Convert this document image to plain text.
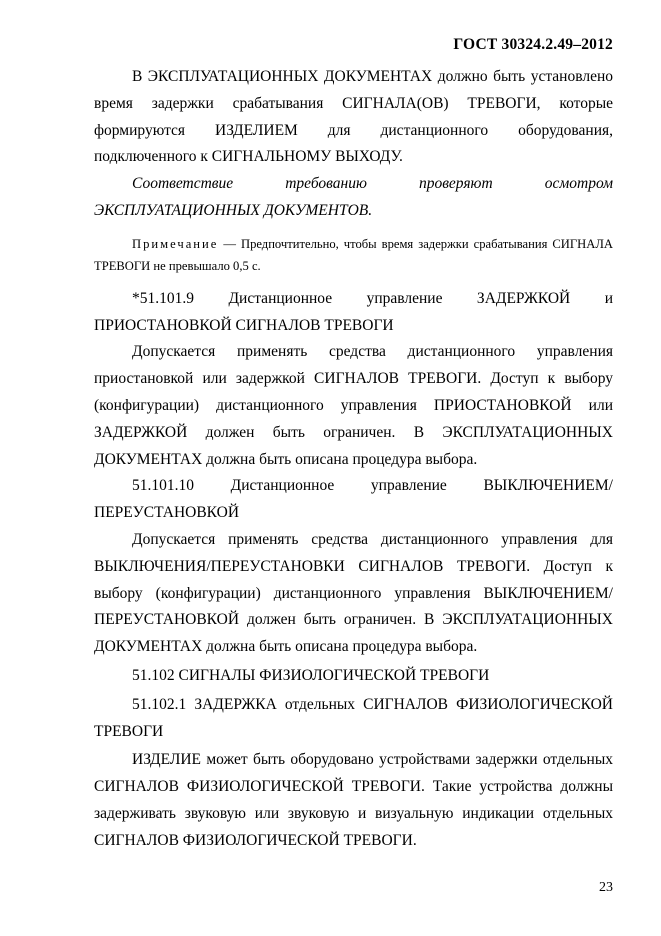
ГОСТ 30324.2.49–2012

В ЭКСПЛУАТАЦИОННЫХ ДОКУМЕНТАХ должно быть установлено время задержки срабатывания СИГНАЛА(ОВ) ТРЕВОГИ, которые формируются ИЗДЕЛИЕМ для дистанционного оборудования, подключенного к СИГНАЛЬНОМУ ВЫХОДУ.

Соответствие требованию проверяют осмотром ЭКСПЛУАТАЦИОННЫХ ДОКУМЕНТОВ.

Примечание — Предпочтительно, чтобы время задержки срабатывания СИГНАЛА ТРЕВОГИ не превышало 0,5 с.

*51.101.9 Дистанционное управление ЗАДЕРЖКОЙ и ПРИОСТАНОВКОЙ СИГНАЛОВ ТРЕВОГИ

Допускается применять средства дистанционного управления приостановкой или задержкой СИГНАЛОВ ТРЕВОГИ. Доступ к выбору (конфигурации) дистанционного управления ПРИОСТАНОВКОЙ или ЗАДЕРЖКОЙ должен быть ограничен. В ЭКСПЛУАТАЦИОННЫХ ДОКУМЕНТАХ должна быть описана процедура выбора.

51.101.10 Дистанционное управление ВЫКЛЮЧЕНИЕМ/ПЕРЕУСТАНОВКОЙ

Допускается применять средства дистанционного управления для ВЫКЛЮЧЕНИЯ/ПЕРЕУСТАНОВКИ СИГНАЛОВ ТРЕВОГИ. Доступ к выбору (конфигурации) дистанционного управления ВЫКЛЮЧЕНИЕМ/ПЕРЕУСТАНОВКОЙ должен быть ограничен. В ЭКСПЛУАТАЦИОННЫХ ДОКУМЕНТАХ должна быть описана процедура выбора.

51.102 СИГНАЛЫ ФИЗИОЛОГИЧЕСКОЙ ТРЕВОГИ

51.102.1 ЗАДЕРЖКА отдельных СИГНАЛОВ ФИЗИОЛОГИЧЕСКОЙ ТРЕВОГИ

ИЗДЕЛИЕ может быть оборудовано устройствами задержки отдельных СИГНАЛОВ ФИЗИОЛОГИЧЕСКОЙ ТРЕВОГИ. Такие устройства должны задерживать звуковую или звуковую и визуальную индикации отдельных СИГНАЛОВ ФИЗИОЛОГИЧЕСКОЙ ТРЕВОГИ.

23
